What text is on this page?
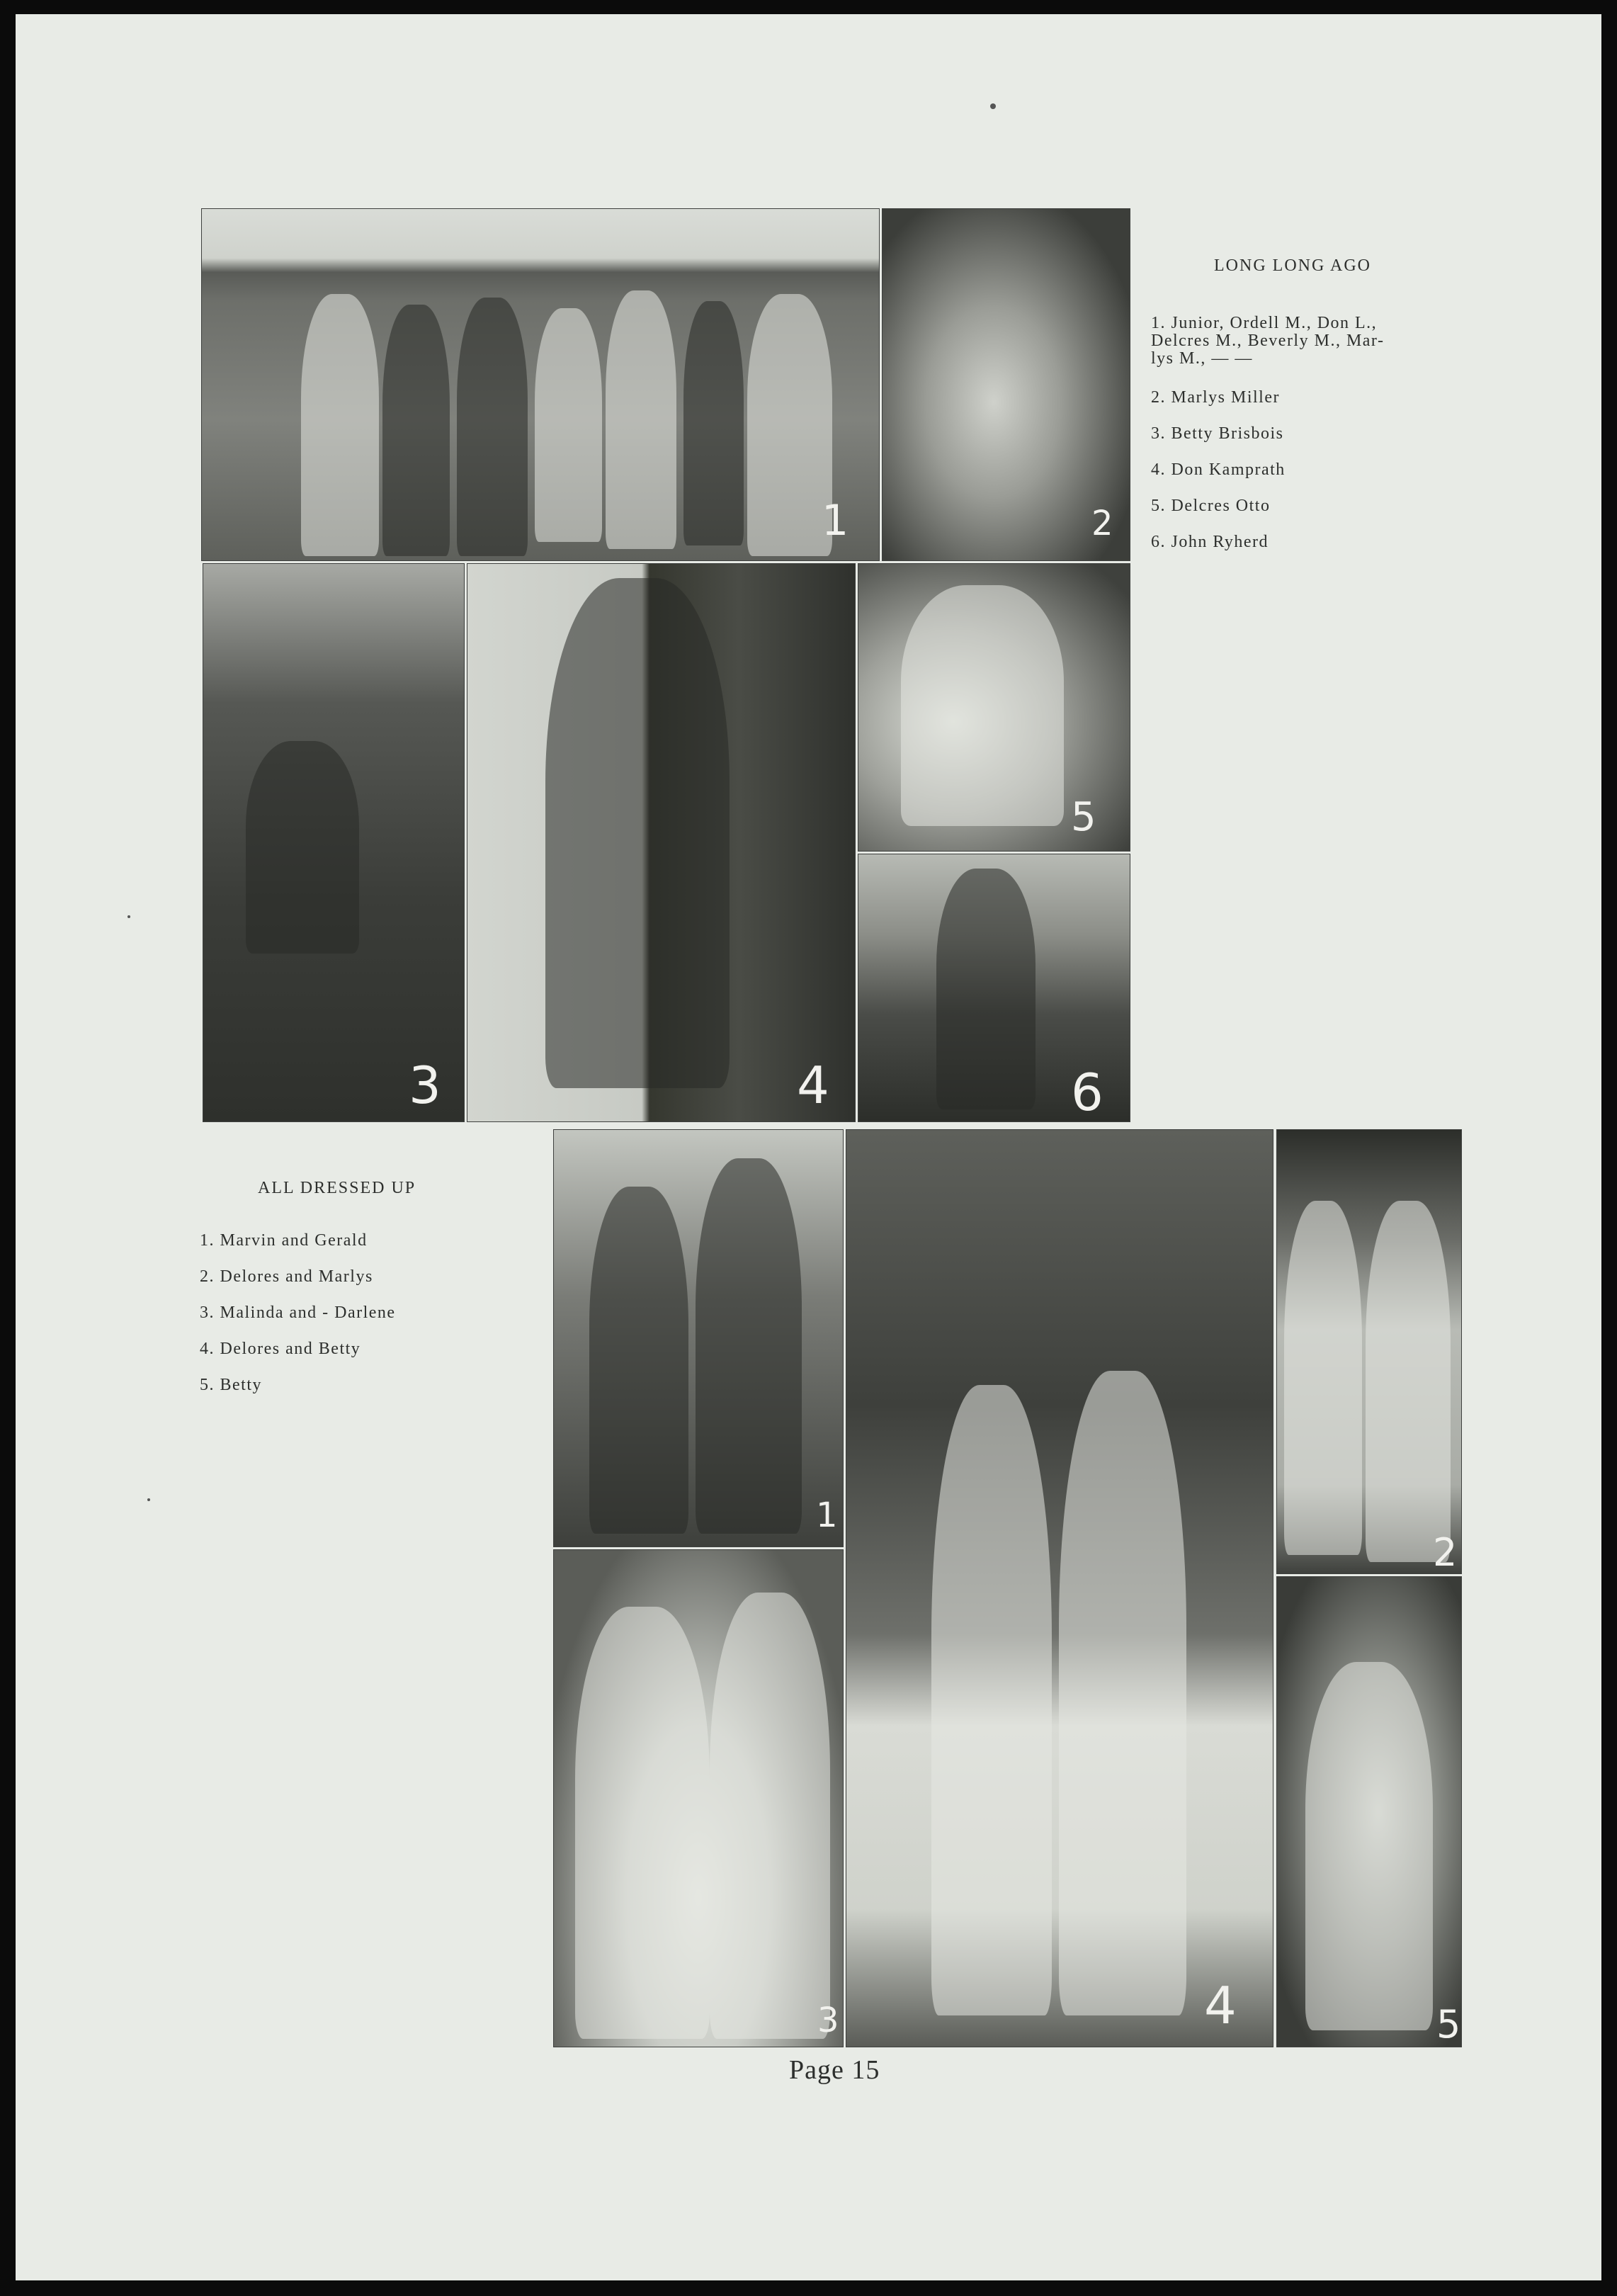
1	2
3	4
5
6
LONG LONG AGO
1. Junior, Ordell M., Don L.,
Delcres M., Beverly M., Mar-
lys M., — —
2. Marlys Miller
3. Betty Brisbois
4. Don Kamprath
5. Delcres Otto
6. John Ryherd
ALL DRESSED UP
1. Marvin and Gerald
2. Delores and Marlys
3. Malinda and - Darlene
4. Delores and Betty
5. Betty
1
4
2
3	5
Page 15
